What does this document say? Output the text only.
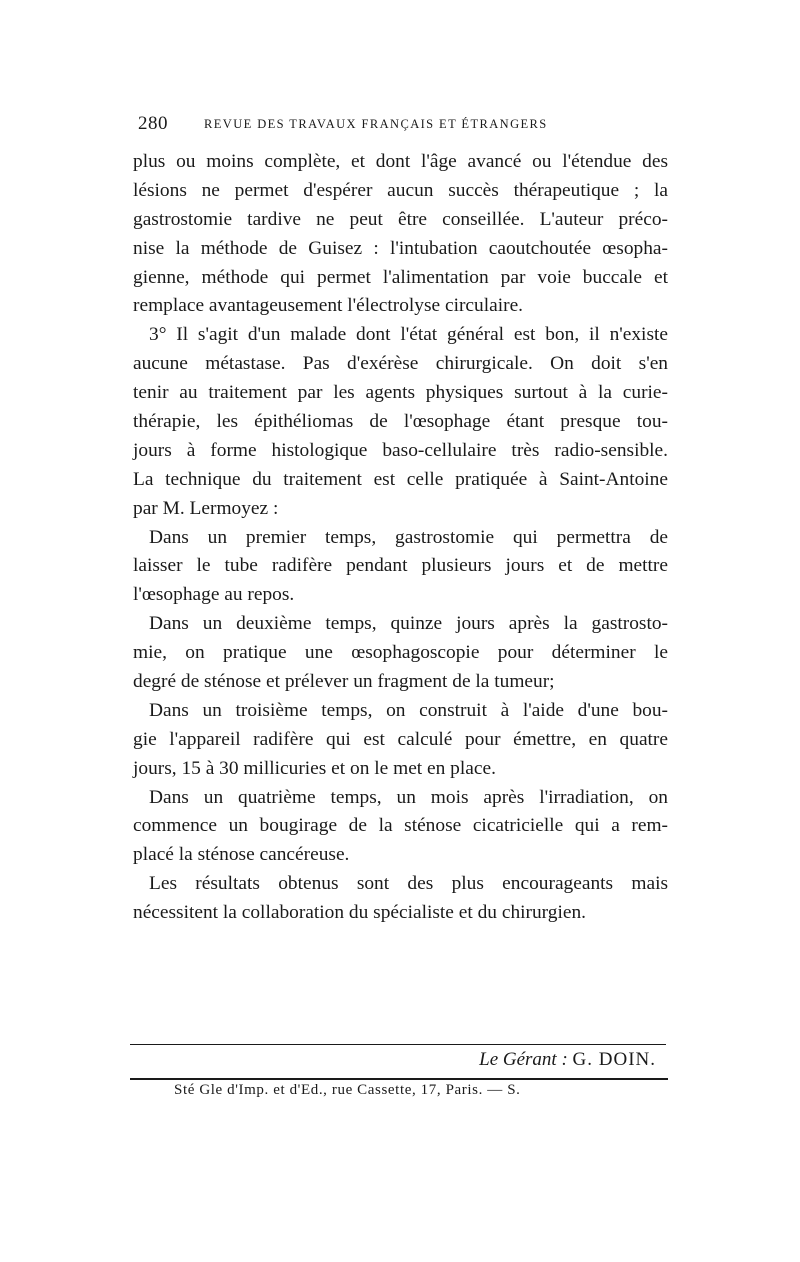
280	REVUE DES TRAVAUX FRANÇAIS ET ÉTRANGERS
plus ou moins complète, et dont l'âge avancé ou l'étendue des
lésions ne permet d'espérer aucun succès thérapeutique ; la
gastrostomie tardive ne peut être conseillée. L'auteur préco-
nise la méthode de Guisez : l'intubation caoutchoutée œsopha-
gienne, méthode qui permet l'alimentation par voie buccale et
remplace avantageusement l'électrolyse circulaire.
3° Il s'agit d'un malade dont l'état général est bon, il n'existe
aucune métastase. Pas d'exérèse chirurgicale. On doit s'en
tenir au traitement par les agents physiques surtout à la curie-
thérapie, les épithéliomas de l'œsophage étant presque tou-
jours à forme histologique baso-cellulaire très radio-sensible.
La technique du traitement est celle pratiquée à Saint-Antoine
par M. Lermoyez :
Dans un premier temps, gastrostomie qui permettra de
laisser le tube radifère pendant plusieurs jours et de mettre
l'œsophage au repos.
Dans un deuxième temps, quinze jours après la gastrosto-
mie, on pratique une œsophagoscopie pour déterminer le
degré de sténose et prélever un fragment de la tumeur;
Dans un troisième temps, on construit à l'aide d'une bou-
gie l'appareil radifère qui est calculé pour émettre, en quatre
jours, 15 à 30 millicuries et on le met en place.
Dans un quatrième temps, un mois après l'irradiation, on
commence un bougirage de la sténose cicatricielle qui a rem-
placé la sténose cancéreuse.
Les résultats obtenus sont des plus encourageants mais
nécessitent la collaboration du spécialiste et du chirurgien.
Le Gérant : G. DOIN.
Sté Gle d'Imp. et d'Ed., rue Cassette, 17, Paris. — S.
